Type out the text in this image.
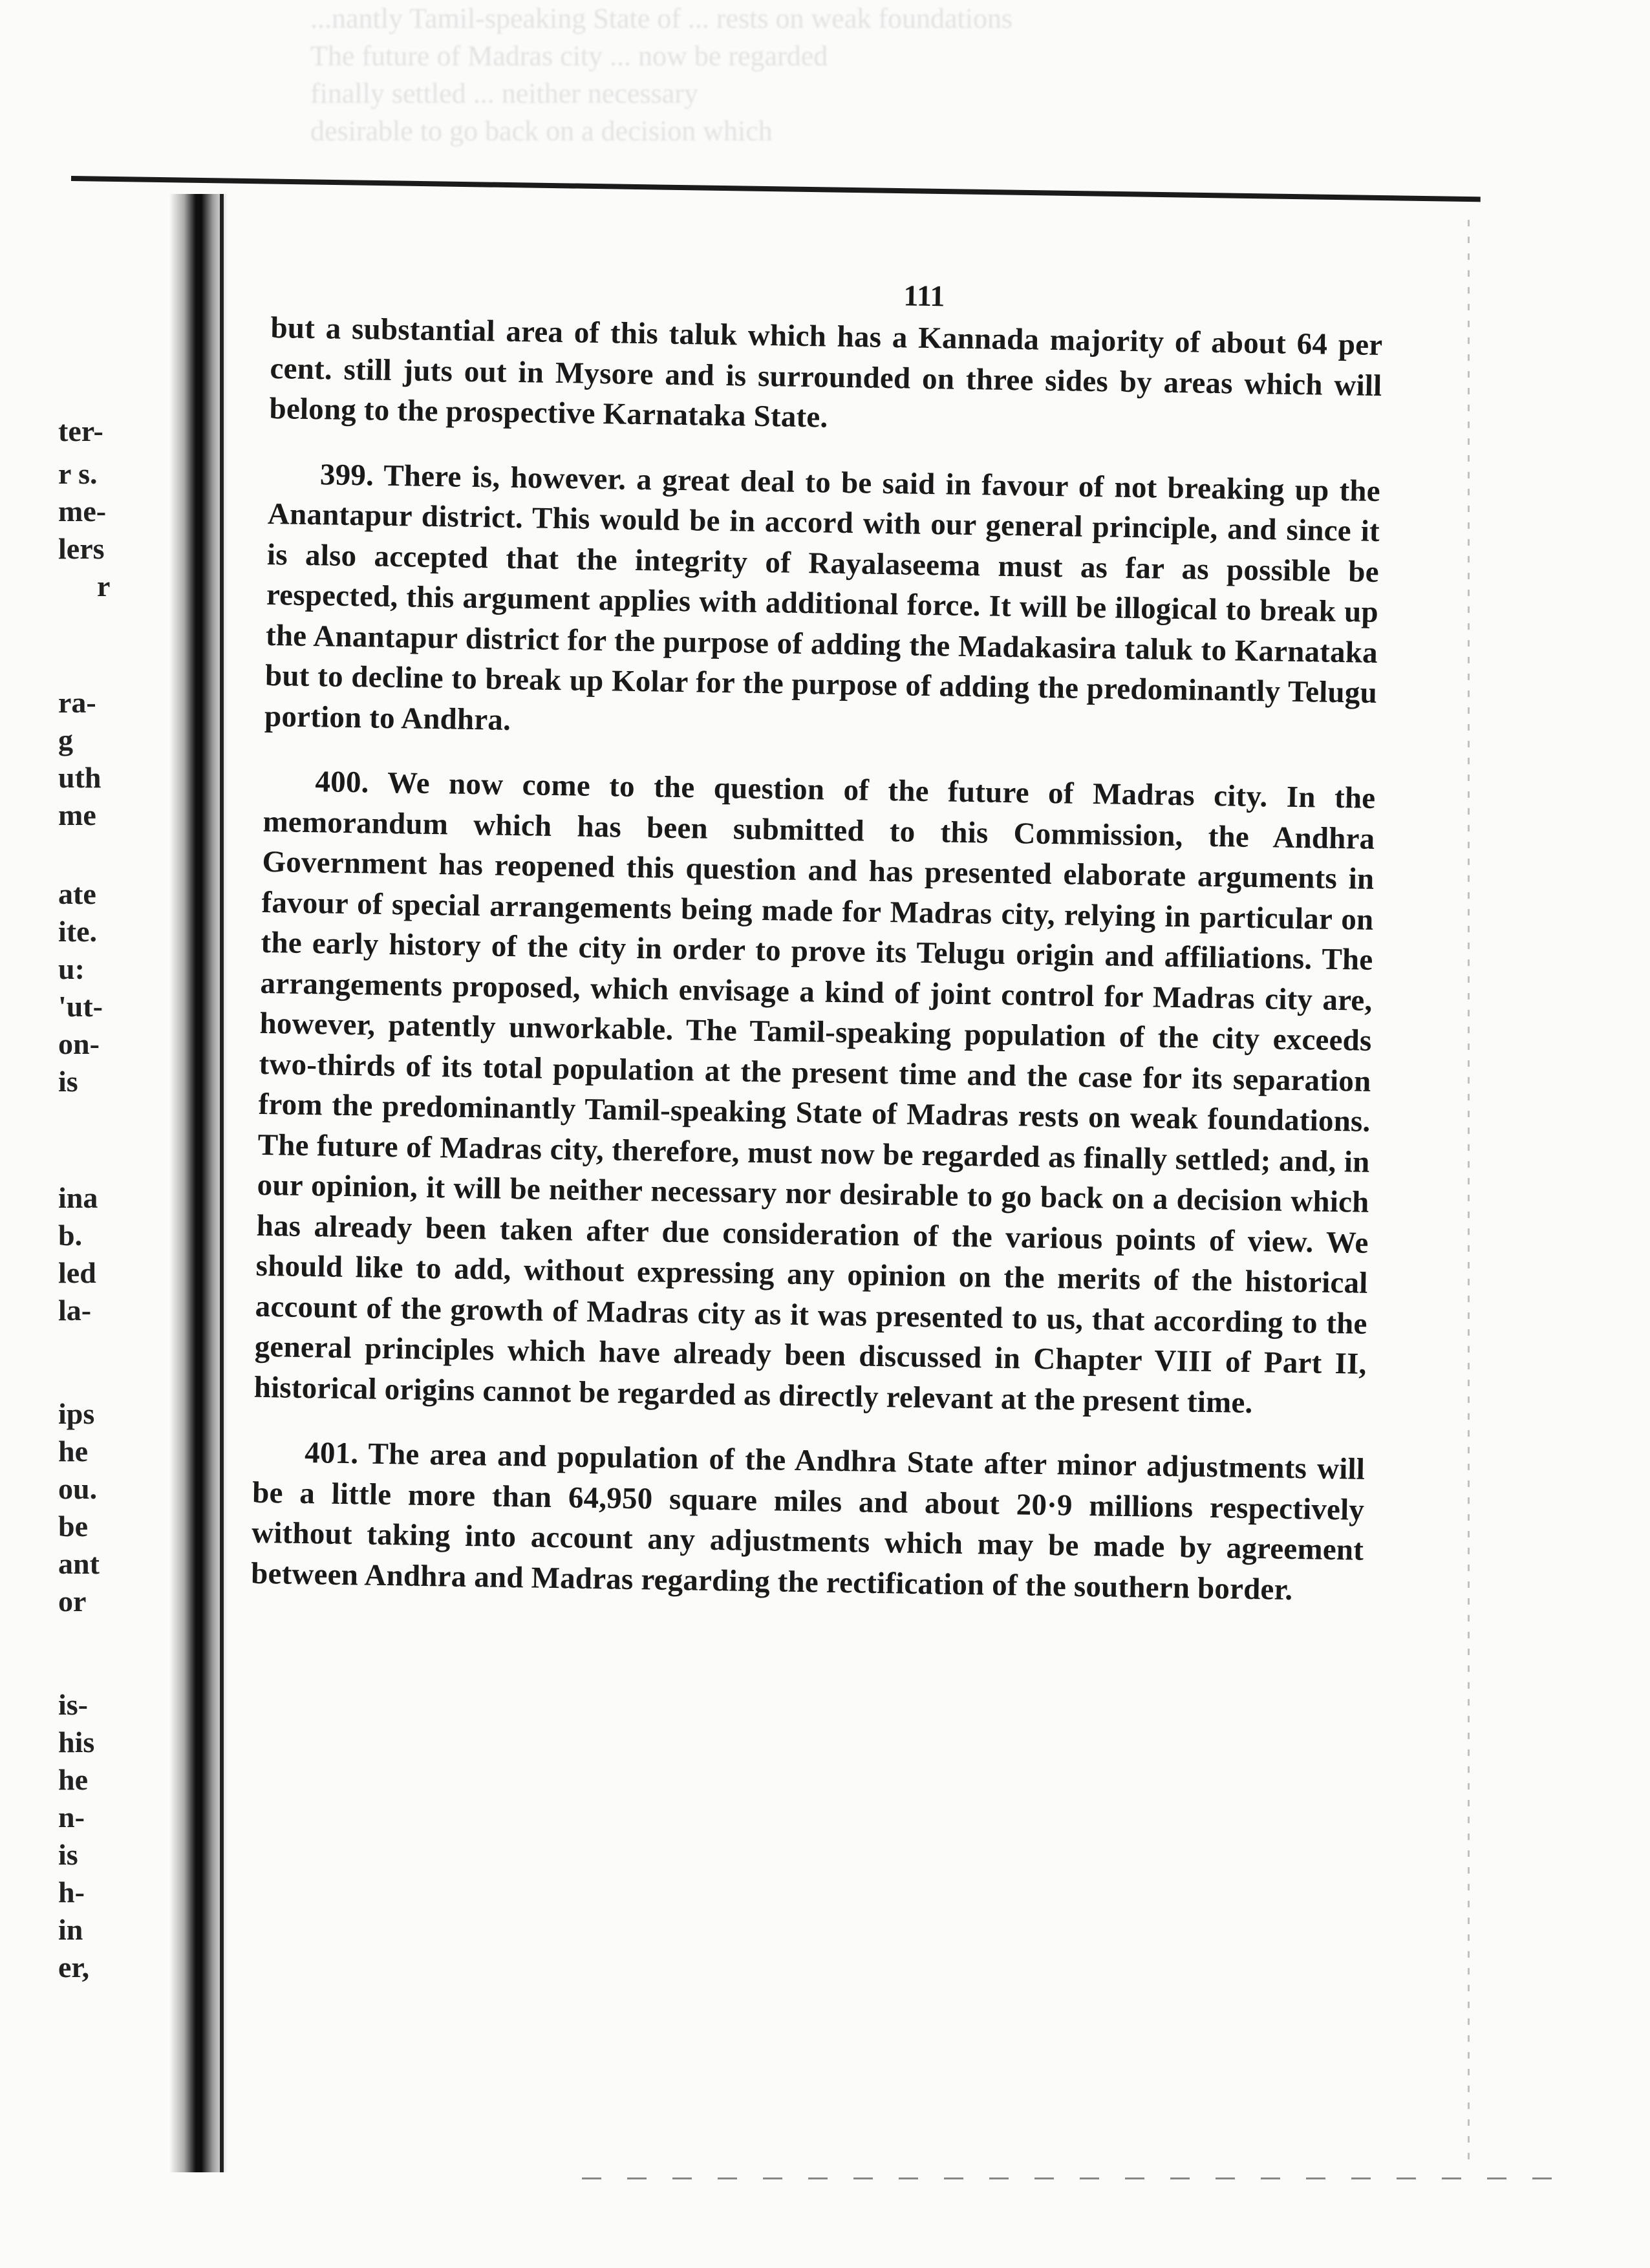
...nantly Tamil-speaking State of ... rests on weak foundations
The future of Madras city ... now be regarded
finally settled ... neither necessary
desirable to go back on a decision which
ter-
r s.
me-
lers
r
ra-
g
uth
me
ate
ite.
u:
'ut-
on-
is
ina
b.
led
la-
ips
he
ou.
be
ant
or
is-
his
he
n-
is
h-
in
er,
111

but a substantial area of this taluk which has a Kannada majority of about 64 per cent. still juts out in Mysore and is surrounded on three sides by areas which will belong to the prospective Karnataka State.

399. There is, however. a great deal to be said in favour of not breaking up the Anantapur district. This would be in accord with our general principle, and since it is also accepted that the integrity of Rayalaseema must as far as possible be respected, this argument applies with additional force. It will be illogical to break up the Anantapur district for the purpose of adding the Madakasira taluk to Karnataka but to decline to break up Kolar for the purpose of adding the predominantly Telugu portion to Andhra.

400. We now come to the question of the future of Madras city. In the memorandum which has been submitted to this Commission, the Andhra Government has reopened this question and has presented elaborate arguments in favour of special arrangements being made for Madras city, relying in particular on the early history of the city in order to prove its Telugu origin and affiliations. The arrangements proposed, which envisage a kind of joint control for Madras city are, however, patently unworkable. The Tamil-speaking population of the city exceeds two-thirds of its total population at the present time and the case for its separation from the predominantly Tamil-speaking State of Madras rests on weak foundations. The future of Madras city, therefore, must now be regarded as finally settled; and, in our opinion, it will be neither necessary nor desirable to go back on a decision which has already been taken after due consideration of the various points of view. We should like to add, without expressing any opinion on the merits of the historical account of the growth of Madras city as it was presented to us, that according to the general principles which have already been discussed in Chapter VIII of Part II, historical origins cannot be regarded as directly relevant at the present time.

401. The area and population of the Andhra State after minor adjustments will be a little more than 64,950 square miles and about 20·9 millions respectively without taking into account any adjustments which may be made by agreement between Andhra and Madras regarding the rectification of the southern border.
